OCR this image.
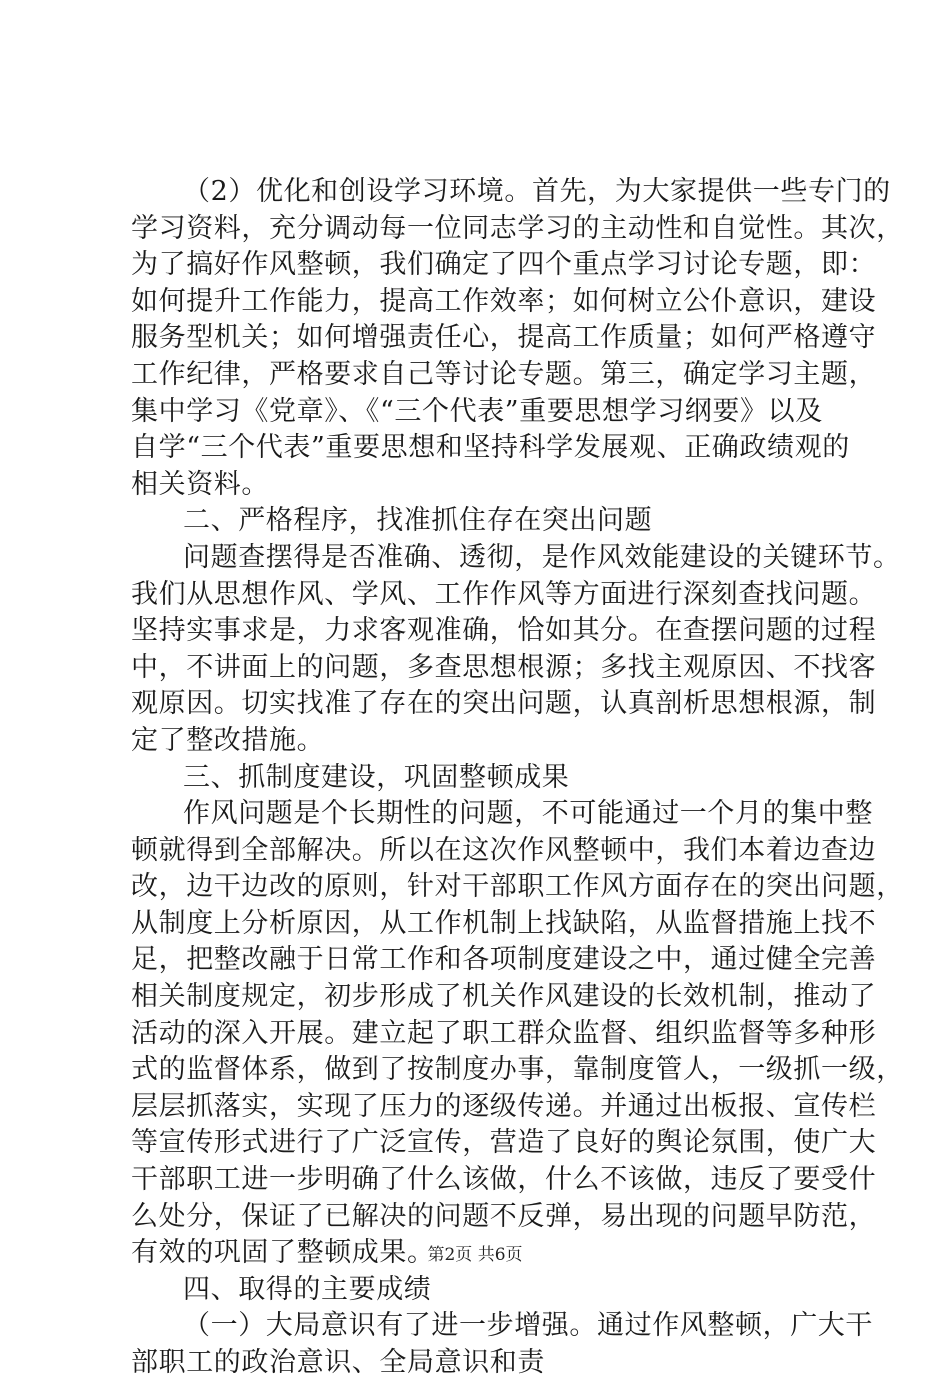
（2）优化和创设学习环境。首先，为大家提供一些专门的
学习资料，充分调动每一位同志学习的主动性和自觉性。其次，
为了搞好作风整顿，我们确定了四个重点学习讨论专题，即：
如何提升工作能力，提高工作效率；如何树立公仆意识，建设
服务型机关；如何增强责任心，提高工作质量；如何严格遵守
工作纪律，严格要求自己等讨论专题。第三，确定学习主题，
集中学习《党章》、《“三个代表”重要思想学习纲要》以及
自学“三个代表”重要思想和坚持科学发展观、正确政绩观的
相关资料。
二、严格程序，找准抓住存在突出问题
问题查摆得是否准确、透彻，是作风效能建设的关键环节。
我们从思想作风、学风、工作作风等方面进行深刻查找问题。
坚持实事求是，力求客观准确，恰如其分。在查摆问题的过程
中，不讲面上的问题，多查思想根源；多找主观原因、不找客
观原因。切实找准了存在的突出问题，认真剖析思想根源，制
定了整改措施。
三、抓制度建设，巩固整顿成果
作风问题是个长期性的问题，不可能通过一个月的集中整
顿就得到全部解决。所以在这次作风整顿中，我们本着边查边
改，边干边改的原则，针对干部职工作风方面存在的突出问题，
从制度上分析原因，从工作机制上找缺陷，从监督措施上找不
足，把整改融于日常工作和各项制度建设之中，通过健全完善
相关制度规定，初步形成了机关作风建设的长效机制，推动了
活动的深入开展。建立起了职工群众监督、组织监督等多种形
式的监督体系，做到了按制度办事，靠制度管人，一级抓一级，
层层抓落实，实现了压力的逐级传递。并通过出板报、宣传栏
等宣传形式进行了广泛宣传，营造了良好的舆论氛围，使广大
干部职工进一步明确了什么该做，什么不该做，违反了要受什
么处分，保证了已解决的问题不反弹，易出现的问题早防范，
有效的巩固了整顿成果。
四、取得的主要成绩
（一）大局意识有了进一步增强。通过作风整顿，广大干
部职工的政治意识、全局意识和责
第2页 共6页
